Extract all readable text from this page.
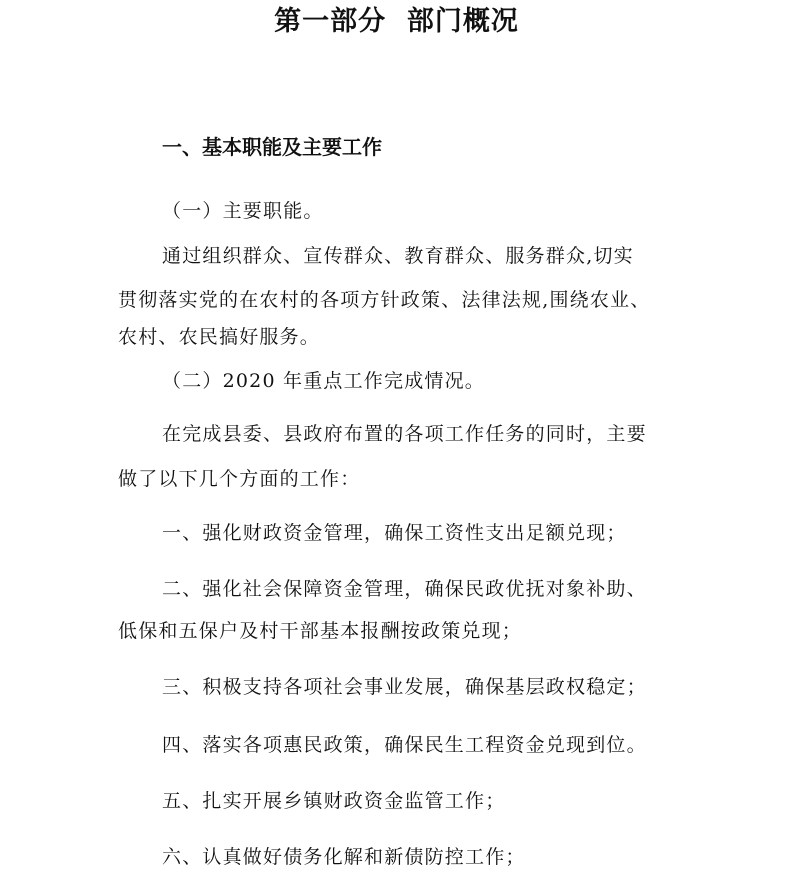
第一部分  部门概况
一、基本职能及主要工作
（一）主要职能。
通过组织群众、宣传群众、教育群众、服务群众,切实
贯彻落实党的在农村的各项方针政策、法律法规,围绕农业、
农村、农民搞好服务。
（二）2020 年重点工作完成情况。
在完成县委、县政府布置的各项工作任务的同时，主要
做了以下几个方面的工作：
一、强化财政资金管理，确保工资性支出足额兑现；
二、强化社会保障资金管理，确保民政优抚对象补助、
低保和五保户及村干部基本报酬按政策兑现；
三、积极支持各项社会事业发展，确保基层政权稳定；
四、落实各项惠民政策，确保民生工程资金兑现到位。
五、扎实开展乡镇财政资金监管工作；
六、认真做好债务化解和新债防控工作；
